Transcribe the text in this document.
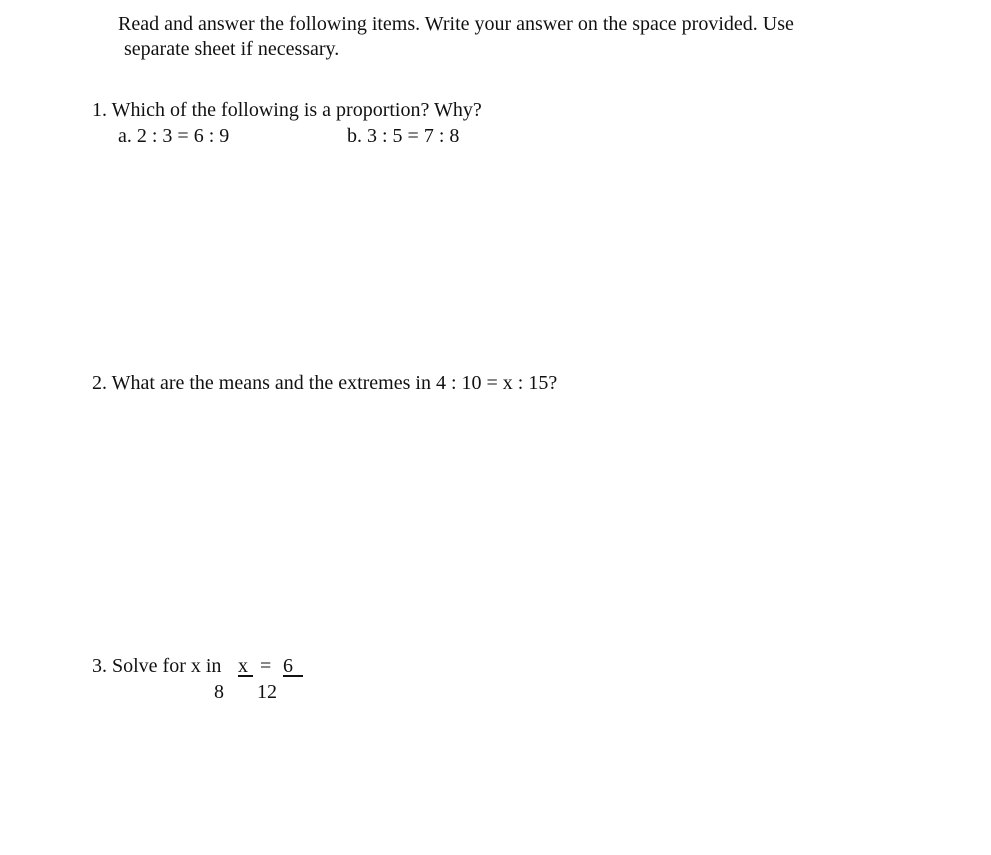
Read and answer the following items. Write your answer on the space provided. Use
separate sheet if necessary.
1. Which of the following is a proportion? Why?
a. 2 : 3 = 6 : 9	b. 3 : 5 = 7 : 8
2. What are the means and the extremes in 4 : 10 = x : 15?
3. Solve for x in x = 6
8 12
